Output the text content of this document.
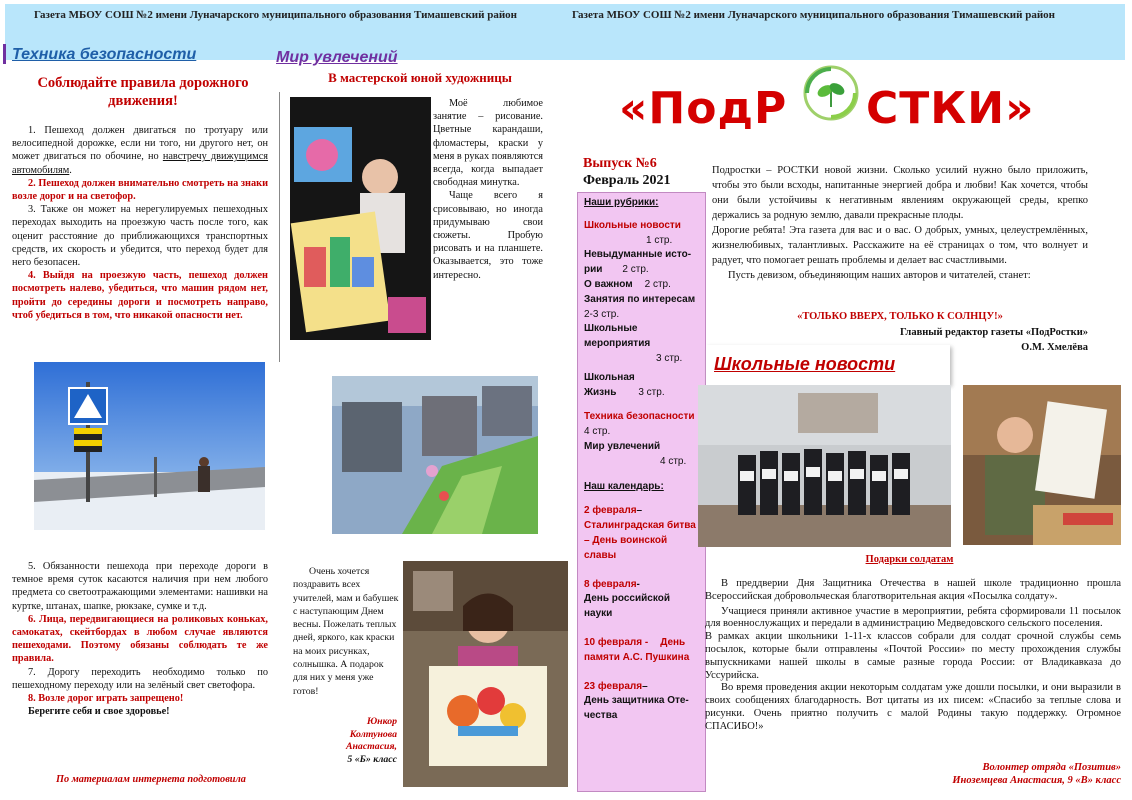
Газета МБОУ СОШ №2 имени Луначарского муниципального образования Тимашевский район	Газета МБОУ СОШ №2 имени Луначарского муниципального образования Тимашевский район
Техника безопасности
Соблюдайте правила дорожного движения!

1. Пешеход должен двигаться по тротуару или велосипедной дорожке, если ни того, ни другого нет, он может двигаться по обочине, но навстречу движущимся автомобилям.

2. Пешеход должен внимательно смотреть на знаки возле дорог и на светофор.

3. Также он может на нерегулируемых пешеходных переходах выходить на проезжую часть после того, как оценит расстояние до приближающихся транспортных средств, их скорость и убедится, что переход будет для него безопасен.

4. Выйдя на проезжую часть, пешеход должен посмотреть налево, убедиться, что машин рядом нет, пройти до середины дороги и посмотреть направо, чтоб убедиться в том, что никакой опасности нет.

5. Обязанности пешехода при переходе дороги в темное время суток касаются наличия при нем любого предмета со светоотражающими элементами: нашивки на куртке, штанах, шапке, рюкзаке, сумке и т.д.

6. Лица, передвигающиеся на роликовых коньках, самокатах, скейтбордах в любом случае являются пешеходами. Поэтому обязаны соблюдать те же правила.

7. Дорогу переходить необходимо только по пешеходному переходу или на зелёный свет светофора.

8. Возле дорог играть запрещено!

Берегите себя и свое здоровье!

По материалам интернета подготовила
Мир увлечений
В мастерской юной художницы

Моё любимое занятие – рисование. Цветные карандаши, фломастеры, краски у меня в руках появляются всегда, когда выпадает свободная минутка.

Чаще всего я срисовываю, но иногда придумываю свои сюжеты. Пробую рисовать и на планшете. Оказывается, это тоже интересно.

Очень хочется поздравить всех учителей, мам и бабушек с наступающим Днем весны. Пожелать теплых дней, яркого, как краски на моих рисунках, солнышка. А подарок для них у меня уже готов!

Юнкор
Колтунова
Анастасия,
5 «Б» класс
«ПодР СТКИ»
Выпуск №6
Февраль 2021
Наши рубрики:
Школьные новости
1 стр.
Невыдуманные исто-
рии 2 стр.
О важном 2 стр.
Занятия по интересам
2-3 стр.
Школьные
мероприятия
3 стр.
Школьная
Жизнь 3 стр.
Техника безопасности
4 стр.
Мир увлечений
4 стр.
Наш календарь:
2 февраля–
Сталинградская битва
– День воинской
славы
8 февраля-
День российской
науки
10 февраля - День
памяти А.С. Пушкина
23 февраля–
День защитника Оте-
чества

Подростки – РОСТКИ новой жизни. Сколько усилий нужно было приложить, чтобы это были всходы, напитанные энергией добра и любви! Как хочется, чтобы они были устойчивы к негативным явлениям окружающей среды, крепко держались за родную землю, давали прекрасные плоды.

Дорогие ребята! Эта газета для вас и о вас. О добрых, умных, целеустремлённых, жизнелюбивых, талантливых. Расскажите на её страницах о том, что волнует и радует, что помогает решать проблемы и делает вас счастливыми.

Пусть девизом, объединяющим наших авторов и читателей, станет:

«ТОЛЬКО ВВЕРХ, ТОЛЬКО К СОЛНЦУ!»
Главный редактор газеты «ПодРостки»
О.М. Хмелёва
Школьные новости
Подарки солдатам

В преддверии Дня Защитника Отечества в нашей школе традиционно прошла Всероссийская добровольческая благотворительная акция «Посылка солдату».

Учащиеся приняли активное участие в мероприятии, ребята сформировали 11 посылок для военнослужащих и передали в администрацию Медведовского сельского поселения.

В рамках акции школьники 1-11-х классов собрали для солдат срочной службы семь посылок, которые были отправлены «Почтой России» по месту прохождения службы выпускниками нашей школы в самые разные города России: от Владикавказа до Уссурийска.

Во время проведения акции некоторым солдатам уже дошли посылки, и они выразили в своих сообщениях благодарность. Вот цитаты из их писем: «Спасибо за теплые слова и рисунки. Очень приятно получить с малой Родины такую поддержку. Огромное СПАСИБО!»

Волонтер отряда «Позитив»
Иноземцева Анастасия, 9 «В» класс
